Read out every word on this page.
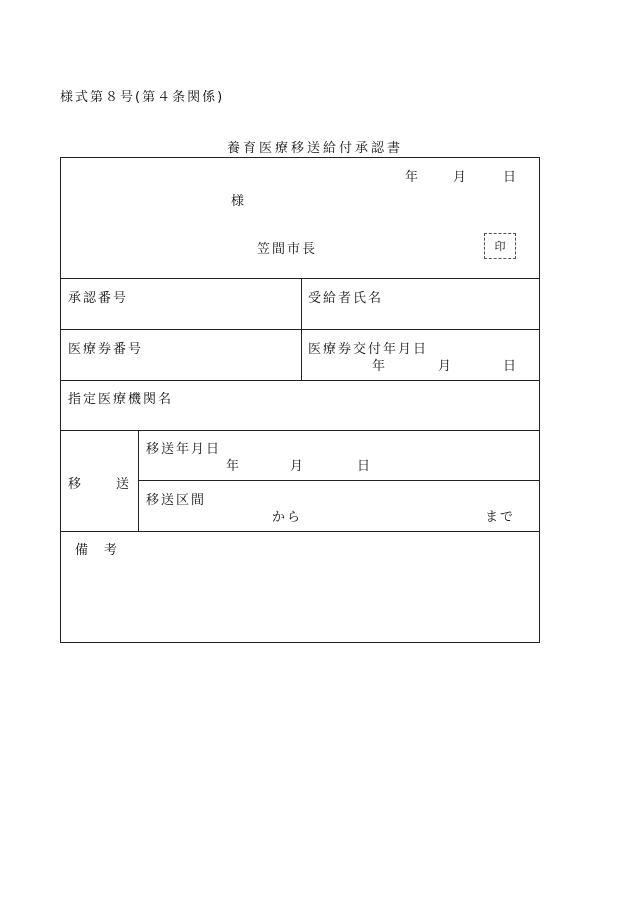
様式第８号(第４条関係)
養育医療移送給付承認書
年	月	日
様
笠間市長	印
承認番号	受給者氏名
医療券番号	医療券交付年月日
年	月	日
指定医療機関名
移	送
移送年月日
年	月	日
移送区間
から	まで
備 考
